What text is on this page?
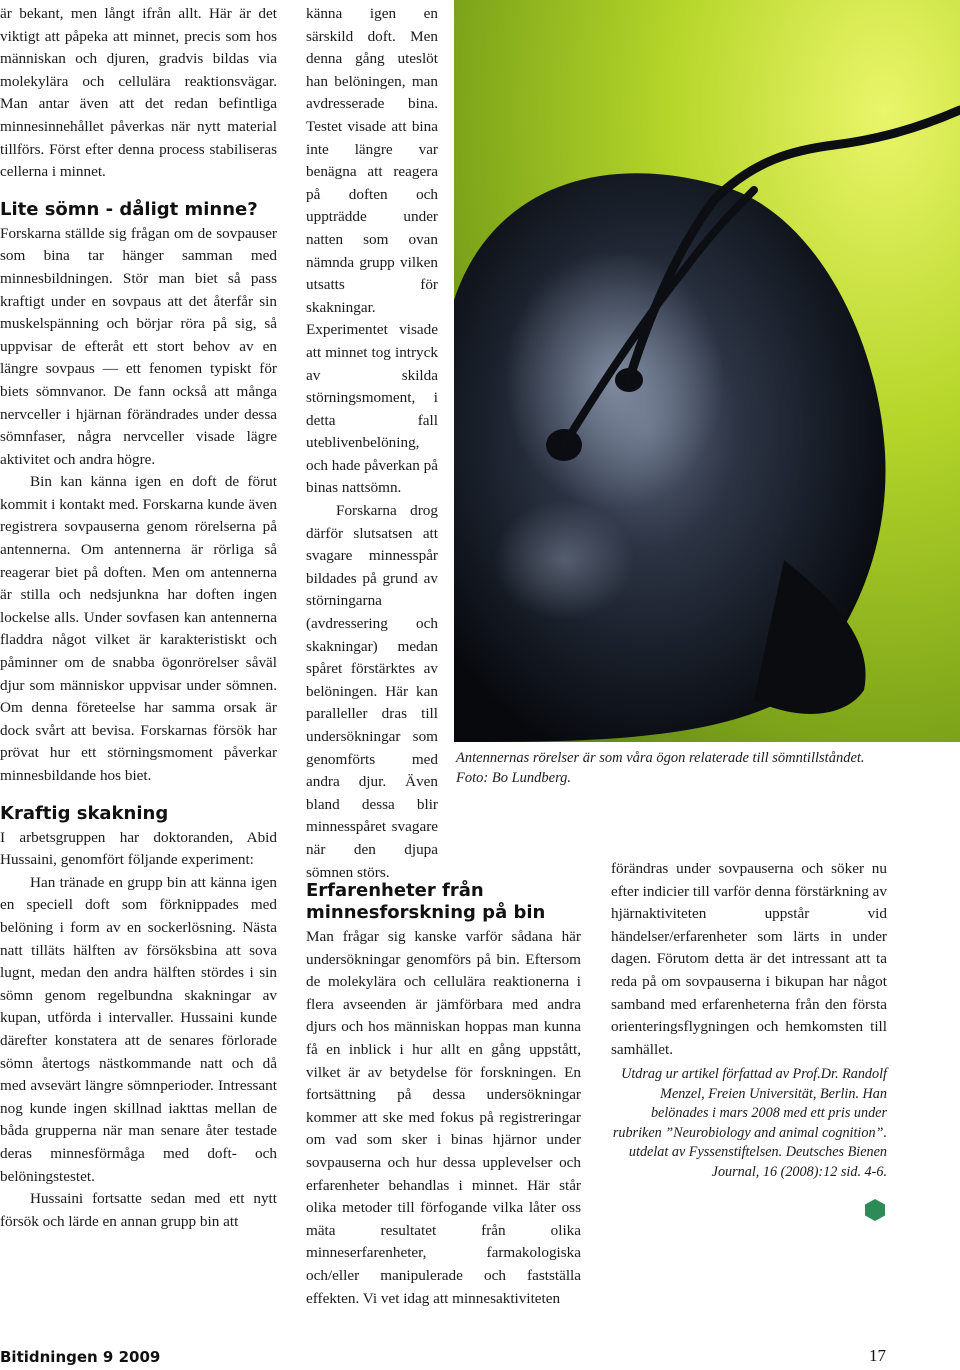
är bekant, men långt ifrån allt. Här är det viktigt att påpeka att minnet, precis som hos människan och djuren, gradvis bildas via molekylära och cellulära reaktionsvägar. Man antar även att det redan befintliga minnesinnehållet påverkas när nytt material tillförs. Först efter denna process stabiliseras cellerna i minnet.

Lite sömn - dåligt minne?

Forskarna ställde sig frågan om de sovpauser som bina tar hänger samman med minnesbildningen. Stör man biet så pass kraftigt under en sovpaus att det återfår sin muskelspänning och börjar röra på sig, så uppvisar de efteråt ett stort behov av en längre sovpaus — ett fenomen typiskt för biets sömnvanor. De fann också att många nervceller i hjärnan förändrades under dessa sömnfaser, några nervceller visade lägre aktivitet och andra högre.

Bin kan känna igen en doft de förut kommit i kontakt med. Forskarna kunde även registrera sovpauserna genom rörelserna på antennerna. Om antennerna är rörliga så reagerar biet på doften. Men om antennerna är stilla och nedsjunkna har doften ingen lockelse alls. Under sovfasen kan antennerna fladdra något vilket är karakteristiskt och påminner om de snabba ögonrörelser såväl djur som människor uppvisar under sömnen. Om denna företeelse har samma orsak är dock svårt att bevisa. Forskarnas försök har prövat hur ett störningsmoment påverkar minnesbildande hos biet.

Kraftig skakning

I arbetsgruppen har doktoranden, Abid Hussaini, genomfört följande experiment:

Han tränade en grupp bin att känna igen en speciell doft som förknippades med belöning i form av en sockerlösning. Nästa natt tilläts hälften av försöksbina att sova lugnt, medan den andra hälften stördes i sin sömn genom regelbundna skakningar av kupan, utförda i intervaller. Hussaini kunde därefter konstatera att de senares förlorade sömn återtogs nästkommande natt och då med avsevärt längre sömnperioder. Intressant nog kunde ingen skillnad iakttas mellan de båda grupperna när man senare åter testade deras minnesförmåga med doft- och belöningstestet.

Hussaini fortsatte sedan med ett nytt försök och lärde en annan grupp bin att

känna igen en särskild doft. Men denna gång uteslöt han belöningen, man avdresserade bina. Testet visade att bina inte längre var benägna att reagera på doften och uppträdde under natten som ovan nämnda grupp vilken utsatts för skakningar. Experimentet visade att minnet tog intryck av skilda störningsmoment, i detta fall uteblivenbelöning, och hade påverkan på binas nattsömn.

Forskarna drog därför slutsatsen att svagare minnesspår bildades på grund av störningarna (avdressering och skakningar) medan spåret förstärktes av belöningen. Här kan paralleller dras till undersökningar som genomförts med andra djur. Även bland dessa blir minnesspåret svagare när den djupa sömnen störs.

Antennernas rörelser är som våra ögon relaterade till sömntillståndet. Foto: Bo Lundberg.
Erfarenheter från minnesforskning på bin

Man frågar sig kanske varför sådana här undersökningar genomförs på bin. Eftersom de molekylära och cellulära reaktionerna i flera avseenden är jämförbara med andra djurs och hos människan hoppas man kunna få en inblick i hur allt en gång uppstått, vilket är av betydelse för forskningen. En fortsättning på dessa undersökningar kommer att ske med fokus på registreringar om vad som sker i binas hjärnor under sovpauserna och hur dessa upplevelser och erfarenheter behandlas i minnet. Här står olika metoder till förfogande vilka låter oss mäta resultatet från olika minneserfarenheter, farmakologiska och/eller manipulerade och fastställa effekten. Vi vet idag att minnesaktiviteten

förändras under sovpauserna och söker nu efter indicier till varför denna förstärkning av hjärnaktiviteten uppstår vid händelser/erfarenheter som lärts in under dagen. Förutom detta är det intressant att ta reda på om sovpauserna i bikupan har något samband med erfarenheterna från den första orienteringsflygningen och hemkomsten till samhället.

Utdrag ur artikel författad av Prof.Dr. Randolf Menzel, Freien Universität, Berlin. Han belönades i mars 2008 med ett pris under rubriken ”Neurobiology and animal cognition”. utdelat av Fyssenstiftelsen. Deutsches Bienen Journal, 16 (2008):12 sid. 4-6.
Bitidningen 9 2009	17
